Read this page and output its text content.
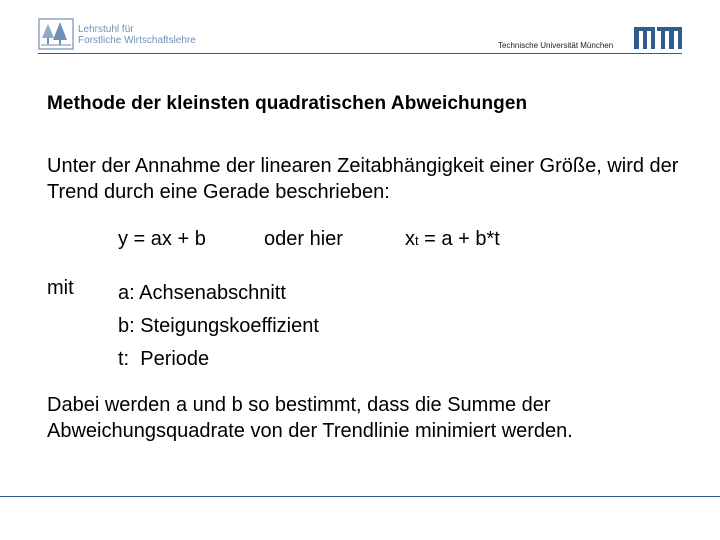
Lehrstuhl für
Forstliche Wirtschaftslehre	Technische Universität München
Methode der kleinsten quadratischen Abweichungen
Unter der Annahme der linearen Zeitabhängigkeit einer Größe, wird der Trend durch eine Gerade beschrieben:
y = ax + b	oder hier	xt = a + b*t
mit a: Achsenabschnitt
b: Steigungskoeffizient
t:  Periode
Dabei werden a und b so bestimmt, dass die Summe der Abweichungsquadrate von der Trendlinie minimiert werden.
